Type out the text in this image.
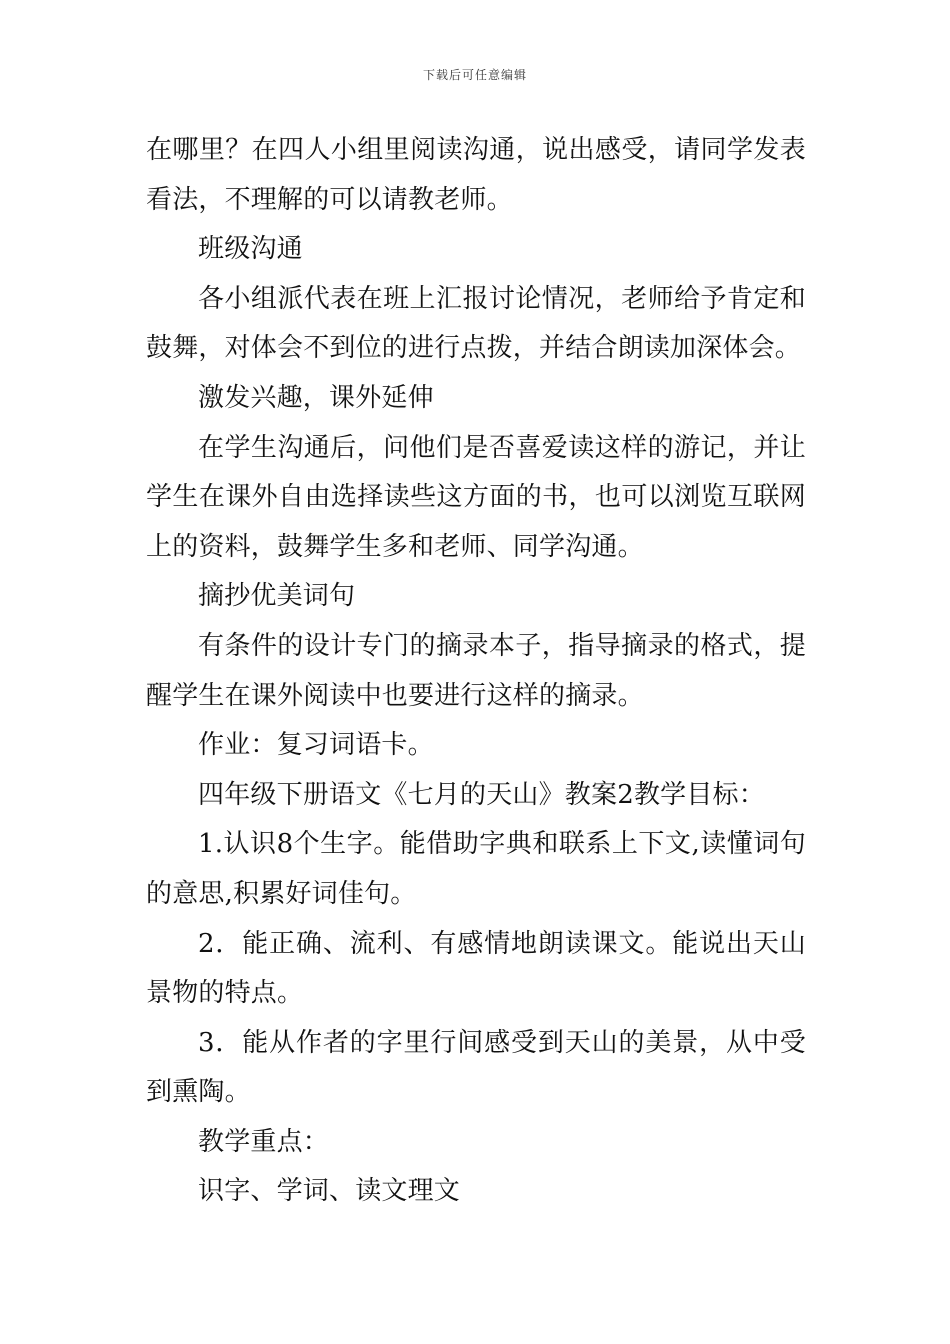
下载后可任意编辑

在哪里？在四人小组里阅读沟通，说出感受，请同学发表看法，不理解的可以请教老师。

班级沟通

各小组派代表在班上汇报讨论情况，老师给予肯定和鼓舞，对体会不到位的进行点拨，并结合朗读加深体会。

激发兴趣，课外延伸

在学生沟通后，问他们是否喜爱读这样的游记，并让学生在课外自由选择读些这方面的书，也可以浏览互联网上的资料，鼓舞学生多和老师、同学沟通。

摘抄优美词句

有条件的设计专门的摘录本子，指导摘录的格式，提醒学生在课外阅读中也要进行这样的摘录。

作业：复习词语卡。

四年级下册语文《七月的天山》教案2教学目标：

1.认识8个生字。能借助字典和联系上下文,读懂词句的意思,积累好词佳句。

2．能正确、流利、有感情地朗读课文。能说出天山景物的特点。

3．能从作者的字里行间感受到天山的美景，从中受到熏陶。

教学重点：

识字、学词、读文理文
